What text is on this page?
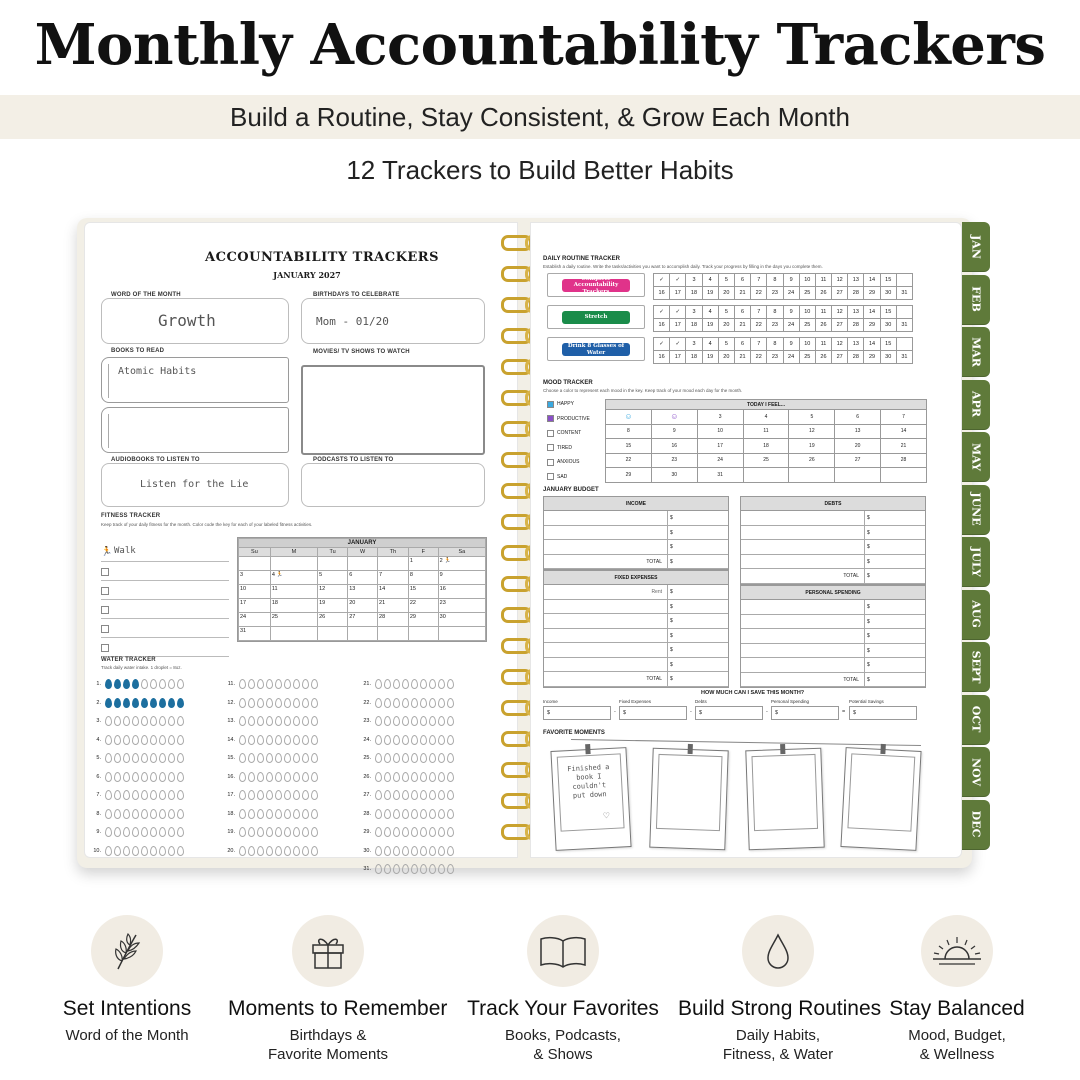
Monthly Accountability Trackers
Build a Routine, Stay Consistent, & Grow Each Month
12 Trackers to Build Better Habits
ACCOUNTABILITY TRACKERS
JANUARY 2027
WORD OF THE MONTH
Growth
BIRTHDAYS TO CELEBRATE
Mom - 01/20
BOOKS TO READ
Atomic Habits
MOVIES/ TV SHOWS TO WATCH
AUDIOBOOKS TO LISTEN TO
Listen for the Lie
PODCASTS TO LISTEN TO
FITNESS TRACKER
Keep track of your daily fitness for the month. Color code the key for each of your labeled fitness activities.
🏃 Walk
JANUARY						
Su	M	Tu	W	Th	F	Sa
					1	2 🏃
3	4 🏃	5	6	7	8	9
10	11	12	13	14	15	16
17	18	19	20	21	22	23
24	25	26	27	28	29	30
31						
WATER TRACKER
Track daily water intake. 1 droplet = 8oz.
1.
2.
3.
4.
5.
6.
7.
8.
9.
10.
11.
12.
13.
14.
15.
16.
17.
18.
19.
20.
21.
22.
23.
24.
25.
26.
27.
28.
29.
30.
31.
DAILY ROUTINE TRACKER
Establish a daily routine. Write the tasks/activities you want to accomplish daily. Track your progress by filling in the days you complete them.
Complete Accountability Trackers
✓	✓	3	4	5	6	7	8	9	10	11	12	13	14	15	
16	17	18	19	20	21	22	23	24	25	26	27	28	29	30	31
Stretch
✓	✓	3	4	5	6	7	8	9	10	11	12	13	14	15	
16	17	18	19	20	21	22	23	24	25	26	27	28	29	30	31
Drink 8 Glasses of Water
✓	✓	3	4	5	6	7	8	9	10	11	12	13	14	15	
16	17	18	19	20	21	22	23	24	25	26	27	28	29	30	31
MOOD TRACKER
Choose a color to represent each mood in the key. Keep track of your mood each day for the month.
HAPPY
PRODUCTIVE
CONTENT
TIRED
ANXIOUS
SAD
TODAY I FEEL...						
☺	☺	3	4	5	6	7
8	9	10	11	12	13	14
15	16	17	18	19	20	21
22	23	24	25	26	27	28
29	30	31				
JANUARY BUDGET
INCOME
$
$
$
TOTAL	$
DEBTS
$
$
$
$
TOTAL	$
FIXED EXPENSES
Rent	$
$
$
$
$
$
TOTAL	$
PERSONAL SPENDING
$
$
$
$
$
TOTAL	$
HOW MUCH CAN I SAVE THIS MONTH?
Income
$	-
Fixed Expenses
$	-
Debts
$	-
Personal Spending
$	=
Potential Savings
$
FAVORITE MOMENTS
Finished a book I couldn't put down
♡
JAN
FEB
MAR
APR
MAY
JUNE
JULY
AUG
SEPT
OCT
NOV
DEC
Set Intentions
Word of the Month
Moments to Remember
Birthdays &
Favorite Moments
Track Your Favorites
Books, Podcasts,
& Shows
Build Strong Routines
Daily Habits,
Fitness, & Water
Stay Balanced
Mood, Budget,
& Wellness
